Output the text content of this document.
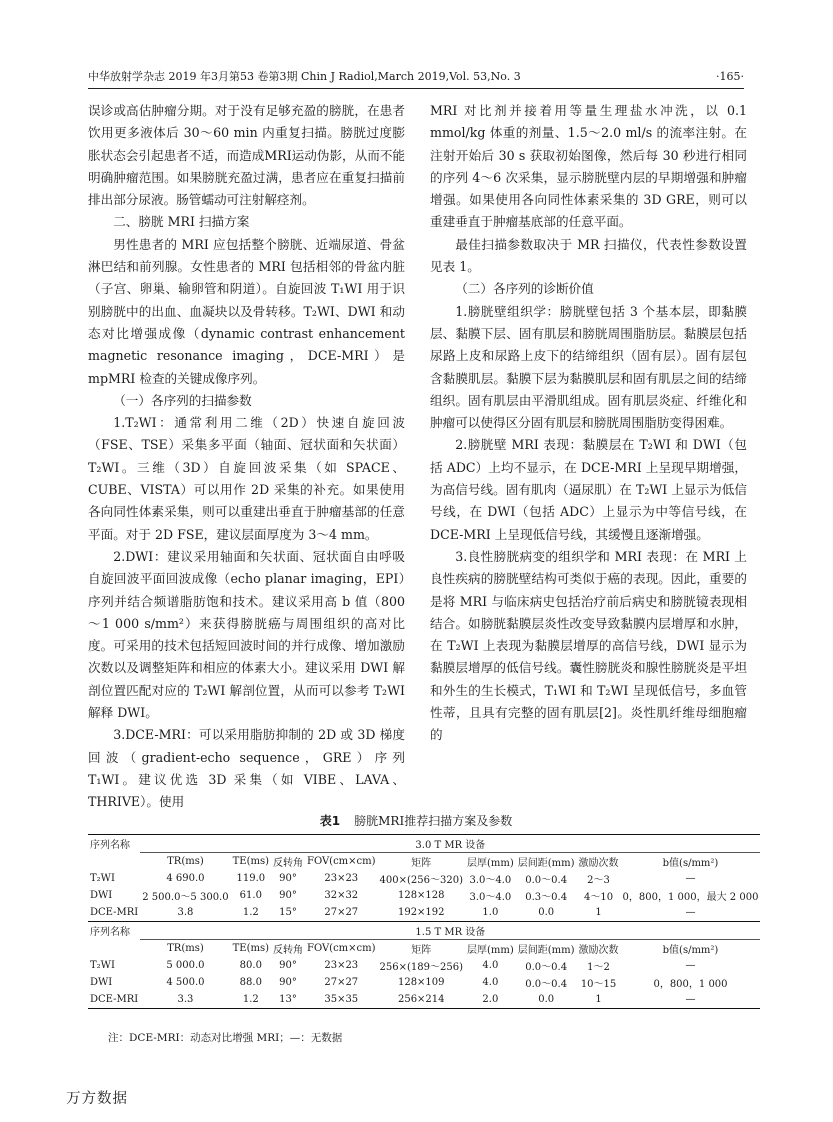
中华放射学杂志 2019 年3月第53 卷第3期 Chin J Radiol,March 2019,Vol. 53,No. 3	·165·

误诊或高估肿瘤分期。对于没有足够充盈的膀胱，在患者饮用更多液体后 30～60 min 内重复扫描。膀胱过度膨胀状态会引起患者不适，而造成MRI运动伪影，从而不能明确肿瘤范围。如果膀胱充盈过满，患者应在重复扫描前排出部分尿液。肠管蠕动可注射解痉剂。

二、膀胱 MRI 扫描方案

男性患者的 MRI 应包括整个膀胱、近端尿道、骨盆淋巴结和前列腺。女性患者的 MRI 包括相邻的骨盆内脏（子宫、卵巢、输卵管和阴道）。自旋回波 T₁WI 用于识别膀胱中的出血、血凝块以及骨转移。T₂WI、DWI 和动态对比增强成像（dynamic contrast enhancement magnetic resonance imaging，DCE-MRI）是 mpMRI 检查的关键成像序列。

（一）各序列的扫描参数

1.T₂WI：通常利用二维（2D）快速自旋回波（FSE、TSE）采集多平面（轴面、冠状面和矢状面）T₂WI。三维（3D）自旋回波采集（如 SPACE、CUBE、VISTA）可以用作 2D 采集的补充。如果使用各向同性体素采集，则可以重建出垂直于肿瘤基部的任意平面。对于 2D FSE，建议层面厚度为 3～4 mm。

2.DWI：建议采用轴面和矢状面、冠状面自由呼吸自旋回波平面回波成像（echo planar imaging，EPI）序列并结合频谱脂肪饱和技术。建议采用高 b 值（800～1 000 s/mm²）来获得膀胱癌与周围组织的高对比度。可采用的技术包括短回波时间的并行成像、增加激励次数以及调整矩阵和相应的体素大小。建议采用 DWI 解剖位置匹配对应的 T₂WI 解剖位置，从而可以参考 T₂WI 解释 DWI。

3.DCE-MRI：可以采用脂肪抑制的 2D 或 3D 梯度回波（gradient-echo sequence，GRE）序列 T₁WI。建议优选 3D 采集（如 VIBE、LAVA、THRIVE）。使用

MRI 对比剂并接着用等量生理盐水冲洗，以 0.1 mmol/kg 体重的剂量、1.5～2.0 ml/s 的流率注射。在注射开始后 30 s 获取初始图像，然后每 30 秒进行相同的序列 4～6 次采集，显示膀胱壁内层的早期增强和肿瘤增强。如果使用各向同性体素采集的 3D GRE，则可以重建垂直于肿瘤基底部的任意平面。

最佳扫描参数取决于 MR 扫描仪，代表性参数设置见表 1。

（二）各序列的诊断价值

1.膀胱壁组织学：膀胱壁包括 3 个基本层，即黏膜层、黏膜下层、固有肌层和膀胱周围脂肪层。黏膜层包括尿路上皮和尿路上皮下的结缔组织（固有层）。固有层包含黏膜肌层。黏膜下层为黏膜肌层和固有肌层之间的结缔组织。固有肌层由平滑肌组成。固有肌层炎症、纤维化和肿瘤可以使得区分固有肌层和膀胱周围脂肪变得困难。

2.膀胱壁 MRI 表现：黏膜层在 T₂WI 和 DWI（包括 ADC）上均不显示，在 DCE-MRI 上呈现早期增强，为高信号线。固有肌肉（逼尿肌）在 T₂WI 上显示为低信号线，在 DWI（包括 ADC）上显示为中等信号线，在 DCE-MRI 上呈现低信号线，其缓慢且逐渐增强。

3.良性膀胱病变的组织学和 MRI 表现：在 MRI 上良性疾病的膀胱壁结构可类似于癌的表现。因此，重要的是将 MRI 与临床病史包括治疗前后病史和膀胱镜表现相结合。如膀胱黏膜层炎性改变导致黏膜内层增厚和水肿，在 T₂WI 上表现为黏膜层增厚的高信号线，DWI 显示为黏膜层增厚的低信号线。囊性膀胱炎和腺性膀胱炎是平坦和外生的生长模式，T₁WI 和 T₂WI 呈现低信号，多血管性蒂，且具有完整的固有肌层[2]。炎性肌纤维母细胞瘤的

表1 膀胱MRI推荐扫描方案及参数
序列名称	3.0 T MR 设备								
	TR(ms)	TE(ms)	反转角	FOV(cm×cm)	矩阵	层厚(mm)	层间距(mm)	激励次数	b值(s/mm²)
T₂WI	4 690.0	119.0	90°	23×23	400×(256～320)	3.0～4.0	0.0～0.4	2～3	—
DWI	2 500.0～5 300.0	61.0	90°	32×32	128×128	3.0～4.0	0.3～0.4	4～10	0，800，1 000，最大 2 000
DCE-MRI	3.8	1.2	15°	27×27	192×192	1.0	0.0	1	—
序列名称	1.5 T MR 设备								
	TR(ms)	TE(ms)	反转角	FOV(cm×cm)	矩阵	层厚(mm)	层间距(mm)	激励次数	b值(s/mm²)
T₂WI	5 000.0	80.0	90°	23×23	256×(189～256)	4.0	0.0～0.4	1～2	—
DWI	4 500.0	88.0	90°	27×27	128×109	4.0	0.0～0.4	10～15	0，800，1 000
DCE-MRI	3.3	1.2	13°	35×35	256×214	2.0	0.0	1	—
注：DCE-MRI：动态对比增强 MRI；—：无数据
万方数据
